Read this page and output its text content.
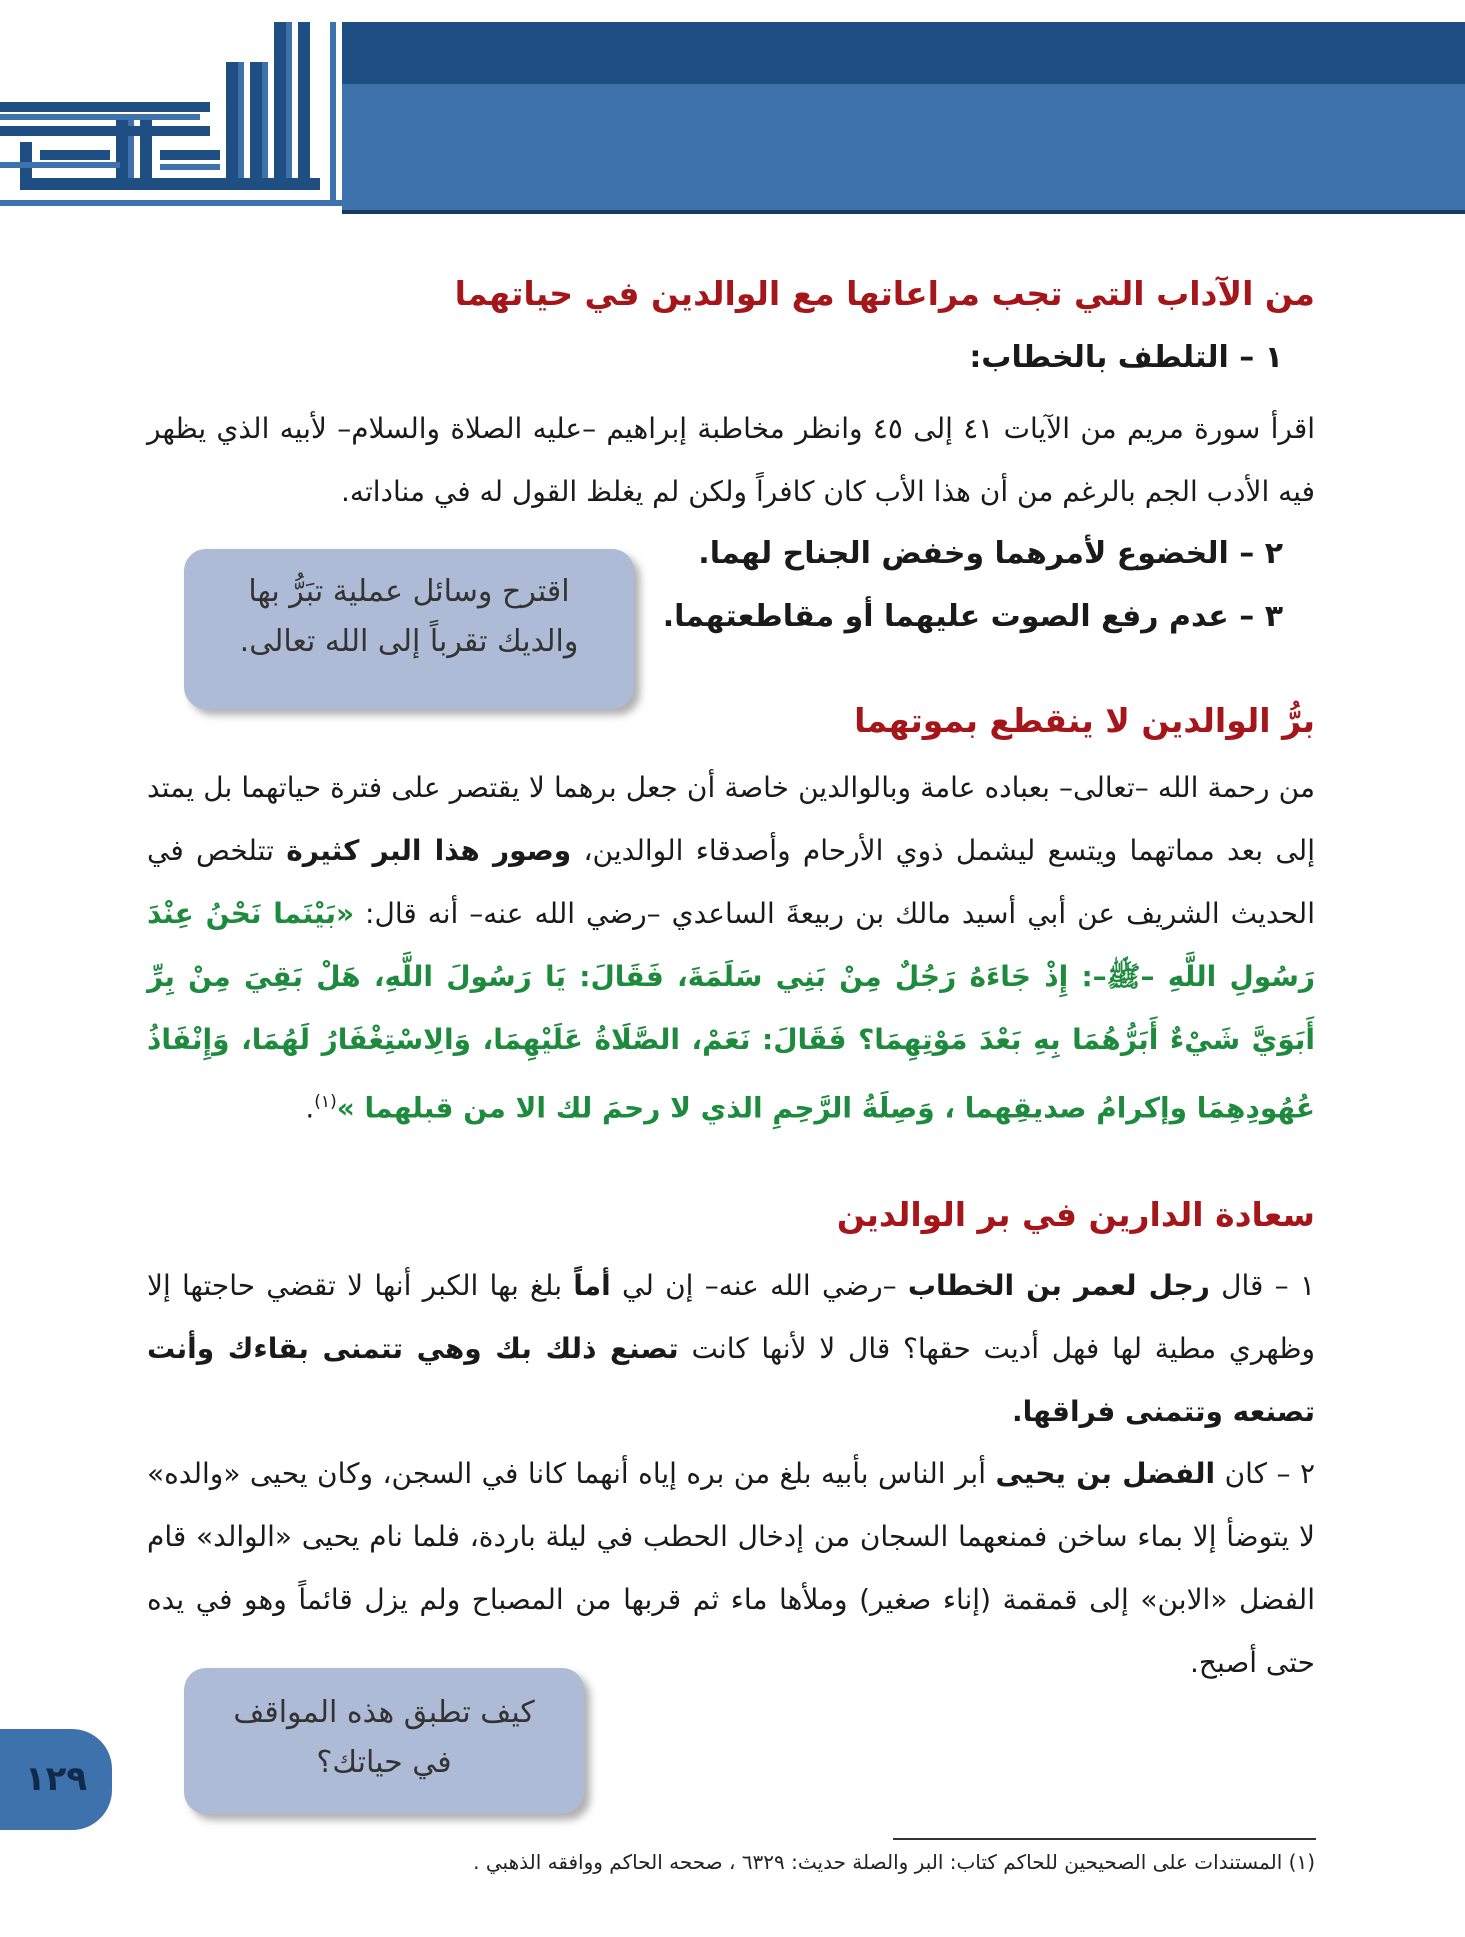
من الآداب التي تجب مراعاتها مع الوالدين في حياتهما
١ – التلطف بالخطاب:
اقرأ سورة مريم من الآيات ٤١ إلى ٤٥ وانظر مخاطبة إبراهيم –عليه الصلاة والسلام– لأبيه الذي يظهر فيه الأدب الجم بالرغم من أن هذا الأب كان كافراً ولكن لم يغلظ القول له في مناداته.
٢ – الخضوع لأمرهما وخفض الجناح لهما.
٣ – عدم رفع الصوت عليهما أو مقاطعتهما.
اقترح وسائل عملية تبَرُّ بها والديك تقرباً إلى الله تعالى.
برُّ الوالدين لا ينقطع بموتهما
من رحمة الله –تعالى– بعباده عامة وبالوالدين خاصة أن جعل برهما لا يقتصر على فترة حياتهما بل يمتد إلى بعد مماتهما ويتسع ليشمل ذوي الأرحام وأصدقاء الوالدين، وصور هذا البر كثيرة تتلخص في الحديث الشريف عن أبي أسيد مالك بن ربيعةَ الساعدي –رضي الله عنه– أنه قال: «بَيْنَما نَحْنُ عِنْدَ رَسُولِ اللَّهِ –ﷺ–: إِذْ جَاءَهُ رَجُلٌ مِنْ بَنِي سَلَمَةَ، فَقَالَ: يَا رَسُولَ اللَّهِ، هَلْ بَقِيَ مِنْ بِرِّ أَبَوَيَّ شَيْءٌ أَبَرُّهُمَا بِهِ بَعْدَ مَوْتِهِمَا؟ فَقَالَ: نَعَمْ، الصَّلَاةُ عَلَيْهِمَا، وَالِاسْتِغْفَارُ لَهُمَا، وَإِنْفَاذُ عُهُودِهِمَا وإكرامُ صديقِهما ، وَصِلَةُ الرَّحِمِ الذي لا رحمَ لك الا من قبلهما »$^{(١)}$.
سعادة الدارين في بر الوالدين
١ – قال رجل لعمر بن الخطاب –رضي الله عنه– إن لي أماً بلغ بها الكبر أنها لا تقضي حاجتها إلا وظهري مطية لها فهل أديت حقها؟ قال لا لأنها كانت تصنع ذلك بك وهي تتمنى بقاءك وأنت تصنعه وتتمنى فراقها.
٢ – كان الفضل بن يحيى أبر الناس بأبيه بلغ من بره إياه أنهما كانا في السجن، وكان يحيى «والده» لا يتوضأ إلا بماء ساخن فمنعهما السجان من إدخال الحطب في ليلة باردة، فلما نام يحيى «الوالد» قام الفضل «الابن» إلى قمقمة (إناء صغير) وملأها ماء ثم قربها من المصباح ولم يزل قائماً وهو في يده حتى أصبح.
كيف تطبق هذه المواقف في حياتك؟
(١) المستندات على الصحيحين للحاكم كتاب: البر والصلة حديث: ٦٣٢٩ ، صححه الحاكم ووافقه الذهبي .
١٢٩
